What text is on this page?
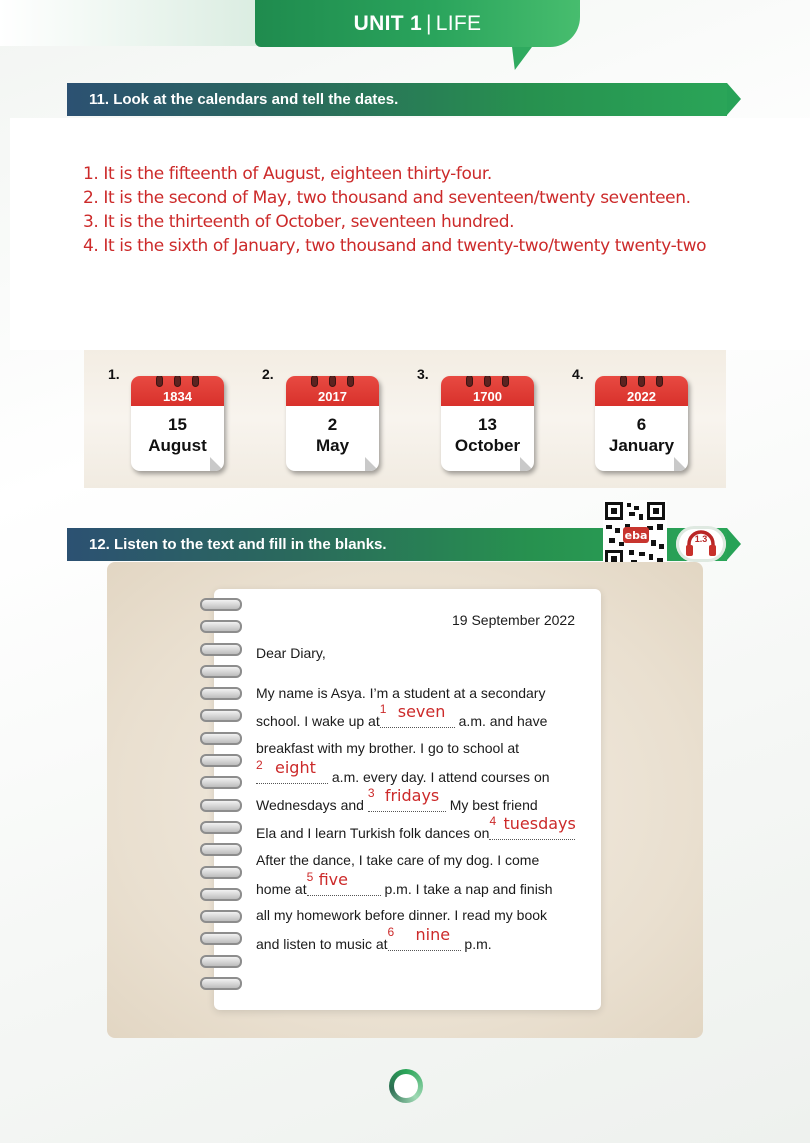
UNIT 1 | LIFE
11. Look at the calendars and tell the dates.
1. It is the fifteenth of August, eighteen thirty-four.
2. It is the second of May, two thousand and seventeen/twenty seventeen.
3. It is the thirteenth of October, seventeen hundred.
4. It is the sixth of January, two thousand and twenty-two/twenty twenty-two
1.	2.	3.	4.
1834
15
August
2017
2
May
1700
13
October
2022
6
January
12. Listen to the text and fill in the blanks.
eba	1.3
19 September 2022
Dear Diary,
My name is Asya. I’m a student at a secondary
school. I wake up at
1 seven a.m. and have
breakfast with my brother. I go to school at
2 eight a.m. every day. I attend courses on
Wednesdays and
3 fridays My best friend
Ela and I learn Turkish folk dances on
4 tuesdays
After the dance, I take care of my dog. I come
home at
5 five	p.m. I take a nap and finish
all my homework before dinner. I read my book
and listen to music at
6 nine p.m.
